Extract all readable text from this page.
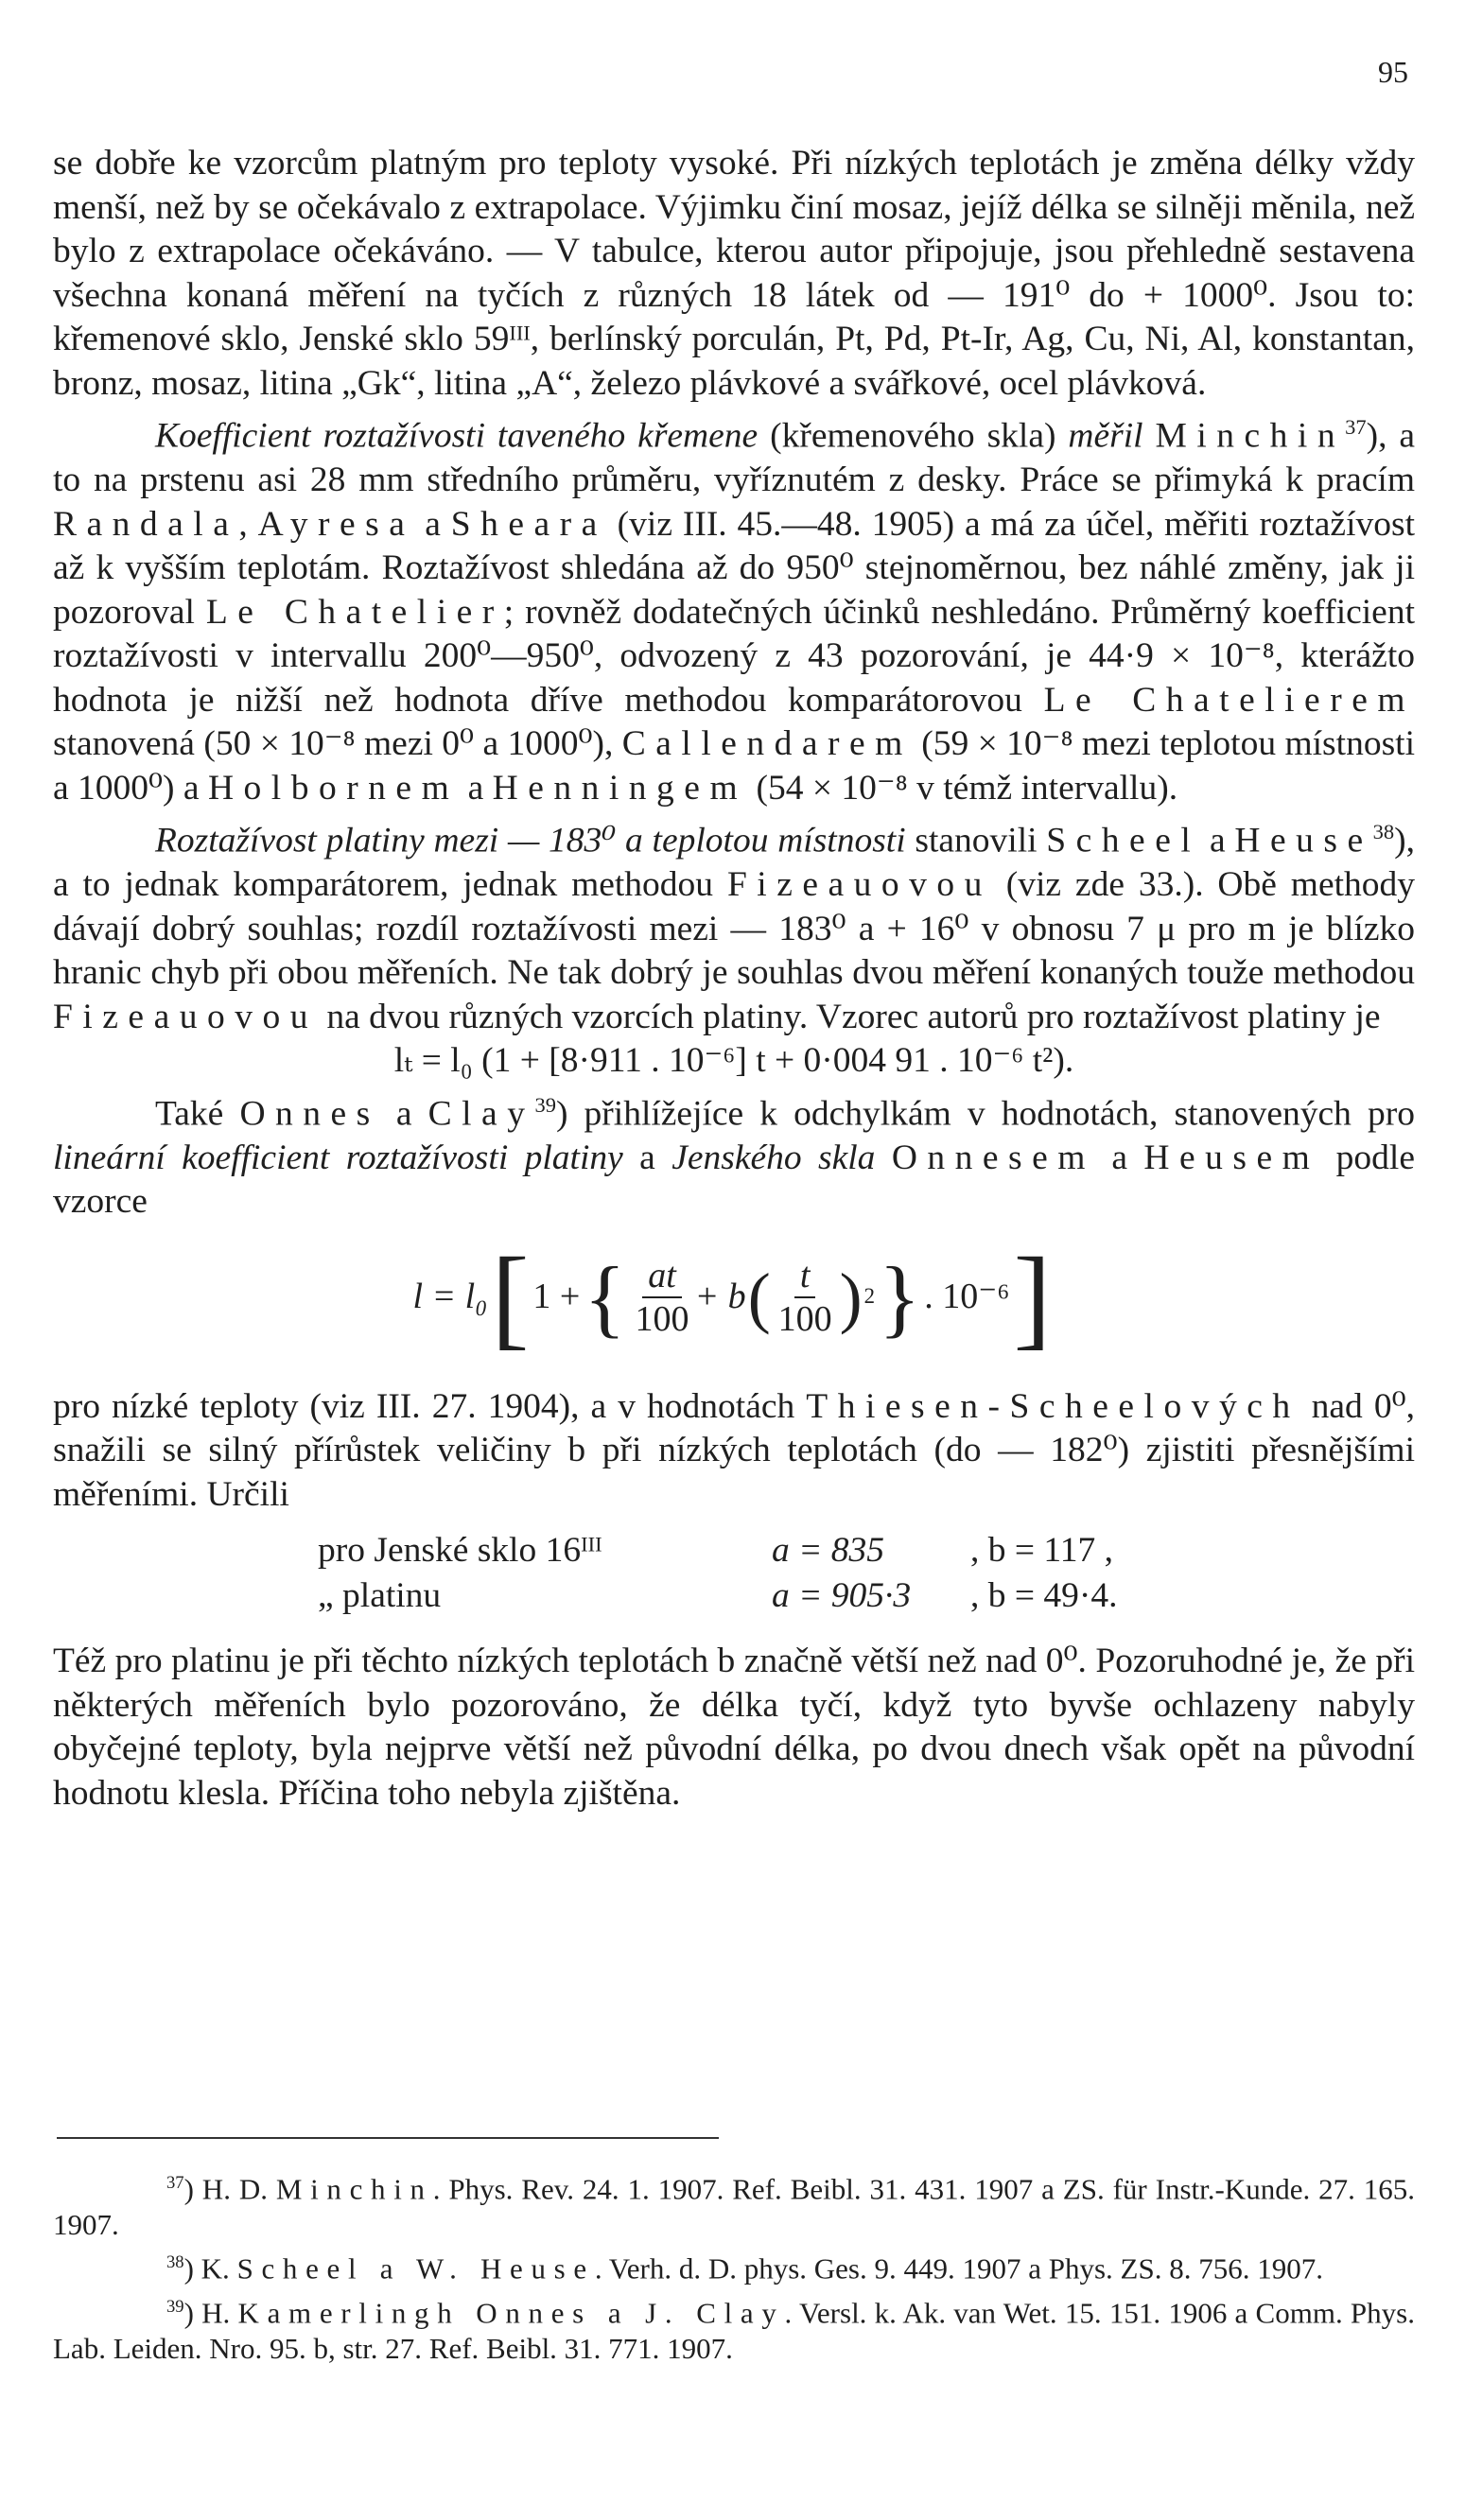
95

se dobře ke vzorcům platným pro teploty vysoké. Při nízkých teplotách je změna délky vždy menší, než by se očekávalo z extrapolace. Výjimku činí mosaz, jejíž délka se silněji měnila, než bylo z extrapolace očekáváno. — V tabulce, kterou autor připojuje, jsou přehledně sestavena všechna konaná měření na tyčích z různých 18 látek od — 191⁰ do + 1000⁰. Jsou to: křemenové sklo, Jenské sklo 59ᴵᴵᴵ, berlínský porculán, Pt, Pd, Pt-Ir, Ag, Cu, Ni, Al, konstantan, bronz, mosaz, litina „Gk“, litina „A“, železo plávkové a svářkové, ocel plávková.

Koefficient roztažívosti taveného křemene (křemenového skla) měřil Minchin$^{37}$), a to na prstenu asi 28 mm středního průměru, vyříznutém z desky. Práce se přimyká k pracím Randala, Ayresa a Sheara (viz III. 45.—48. 1905) a má za účel, měřiti roztažívost až k vyšším teplotám. Roztažívost shledána až do 950⁰ stejnoměrnou, bez náhlé změny, jak ji pozoroval Le Chatelier; rovněž dodatečných účinků neshledáno. Průměrný koefficient roztažívosti v intervallu 200⁰—950⁰, odvozený z 43 pozorování, je 44·9 × 10⁻⁸, kterážto hodnota je nižší než hodnota dříve methodou komparátorovou Le Chatelierem stanovená (50 × 10⁻⁸ mezi 0⁰ a 1000⁰), Callendarem (59 × 10⁻⁸ mezi teplotou místnosti a 1000⁰) a Holbornem a Henningem (54 × 10⁻⁸ v témž intervallu).

Roztažívost platiny mezi — 183⁰ a teplotou místnosti stanovili Scheel a Heuse$^{38}$), a to jednak komparátorem, jednak methodou Fizeauovou (viz zde 33.). Obě methody dávají dobrý souhlas; rozdíl roztažívosti mezi — 183⁰ a + 16⁰ v obnosu 7 μ pro m je blízko hranic chyb při obou měřeních. Ne tak dobrý je souhlas dvou měření konaných touže methodou Fizeauovou na dvou různých vzorcích platiny. Vzorec autorů pro roztažívost platiny je

lₜ = l₀ (1 + [8·911 . 10⁻⁶] t + 0·004 91 . 10⁻⁶ t²).

Také Onnes a Clay$^{39}$) přihlížejíce k odchylkám v hodnotách, stanovených pro lineární koefficient roztažívosti platiny a Jenského skla Onnesem a Heusem podle vzorce

l = l₀ [ 1 + { $\frac{at}{100} + b$ ( $\frac{t}{100}$ ) 2 } . 10⁻⁶ ]

pro nízké teploty (viz III. 27. 1904), a v hodnotách Thiesen-Scheelových nad 0⁰, snažili se silný přírůstek veličiny b při nízkých teplotách (do — 182⁰) zjistiti přesnějšími měřeními. Určili

pro Jenské sklo 16ᴵᴵᴵ	a = 835	, b = 117 ,
„ platinu	a = 905·3	, b = 49·4.

Též pro platinu je při těchto nízkých teplotách b značně větší než nad 0⁰. Pozoruhodné je, že při některých měřeních bylo pozorováno, že délka tyčí, když tyto byvše ochlazeny nabyly obyčejné teploty, byla nejprve větší než původní délka, po dvou dnech však opět na původní hodnotu klesla. Příčina toho nebyla zjištěna.

$^{37}$) H. D. Minchin. Phys. Rev. 24. 1. 1907. Ref. Beibl. 31. 431. 1907 a ZS. für Instr.-Kunde. 27. 165. 1907.

$^{38}$) K. Scheel a W. Heuse. Verh. d. D. phys. Ges. 9. 449. 1907 a Phys. ZS. 8. 756. 1907.

$^{39}$) H. Kamerlingh Onnes a J. Clay. Versl. k. Ak. van Wet. 15. 151. 1906 a Comm. Phys. Lab. Leiden. Nro. 95. b, str. 27. Ref. Beibl. 31. 771. 1907.
